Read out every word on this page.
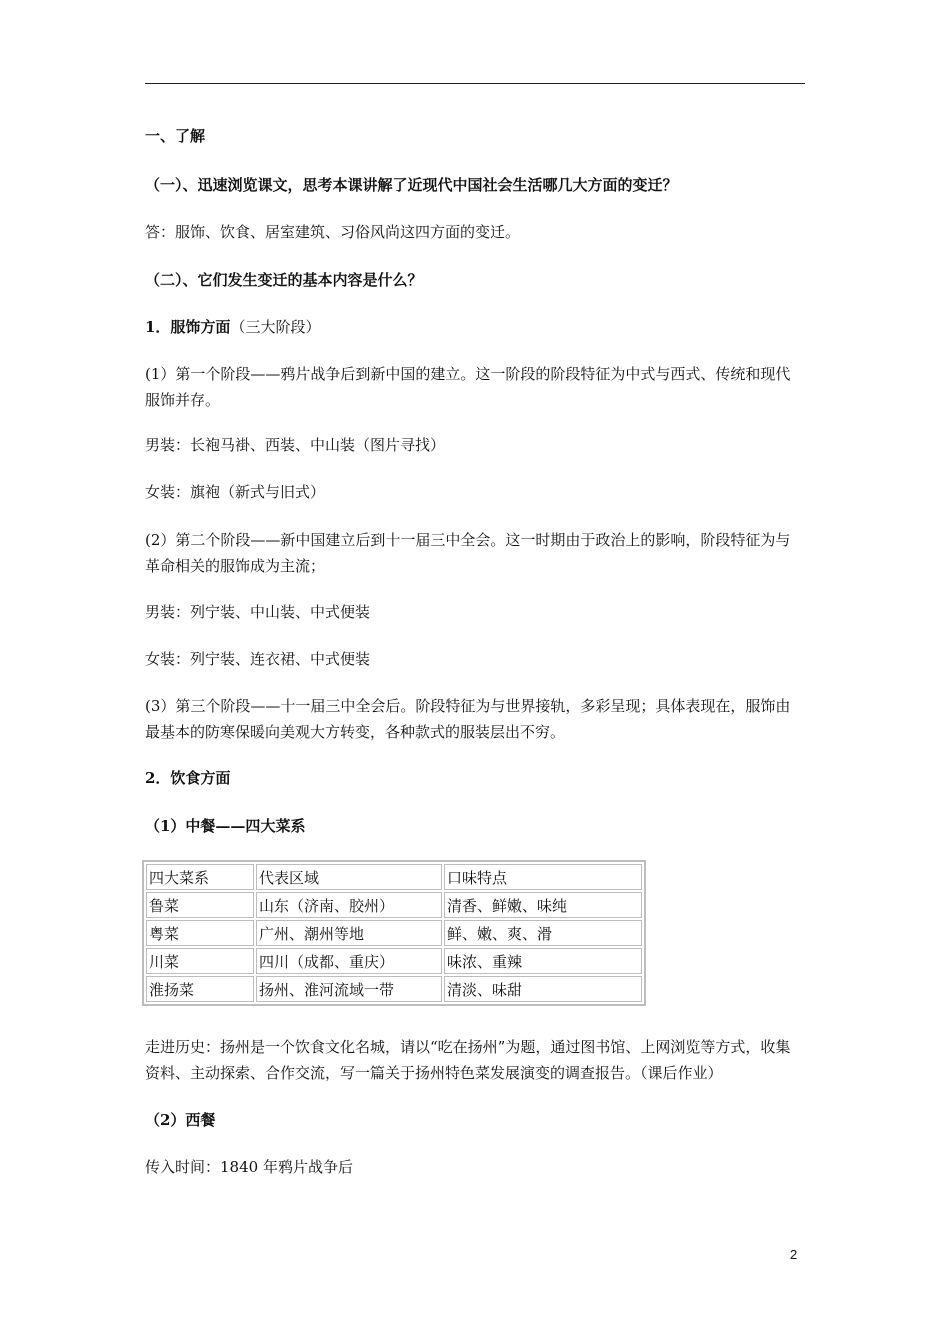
一、了解
（一）、迅速浏览课文，思考本课讲解了近现代中国社会生活哪几大方面的变迁？
答：服饰、饮食、居室建筑、习俗风尚这四方面的变迁。
（二）、它们发生变迁的基本内容是什么？
1．服饰方面（三大阶段）
(1）第一个阶段——鸦片战争后到新中国的建立。这一阶段的阶段特征为中式与西式、传统和现代服饰并存。
男装：长袍马褂、西装、中山装（图片寻找）
女装：旗袍（新式与旧式）
(2）第二个阶段——新中国建立后到十一届三中全会。这一时期由于政治上的影响，阶段特征为与革命相关的服饰成为主流；
男装：列宁装、中山装、中式便装
女装：列宁装、连衣裙、中式便装
(3）第三个阶段——十一届三中全会后。阶段特征为与世界接轨，多彩呈现；具体表现在，服饰由最基本的防寒保暖向美观大方转变，各种款式的服装层出不穷。
2．饮食方面
（1）中餐——四大菜系
四大菜系	代表区域	口味特点
鲁菜	山东（济南、胶州）	清香、鲜嫩、味纯
粤菜	广州、潮州等地	鲜、嫩、爽、滑
川菜	四川（成都、重庆）	味浓、重辣
淮扬菜	扬州、淮河流域一带	清淡、味甜
走进历史：扬州是一个饮食文化名城，请以“吃在扬州”为题，通过图书馆、上网浏览等方式，收集资料、主动探索、合作交流，写一篇关于扬州特色菜发展演变的调查报告。（课后作业）
（2）西餐
传入时间：1840 年鸦片战争后
2
